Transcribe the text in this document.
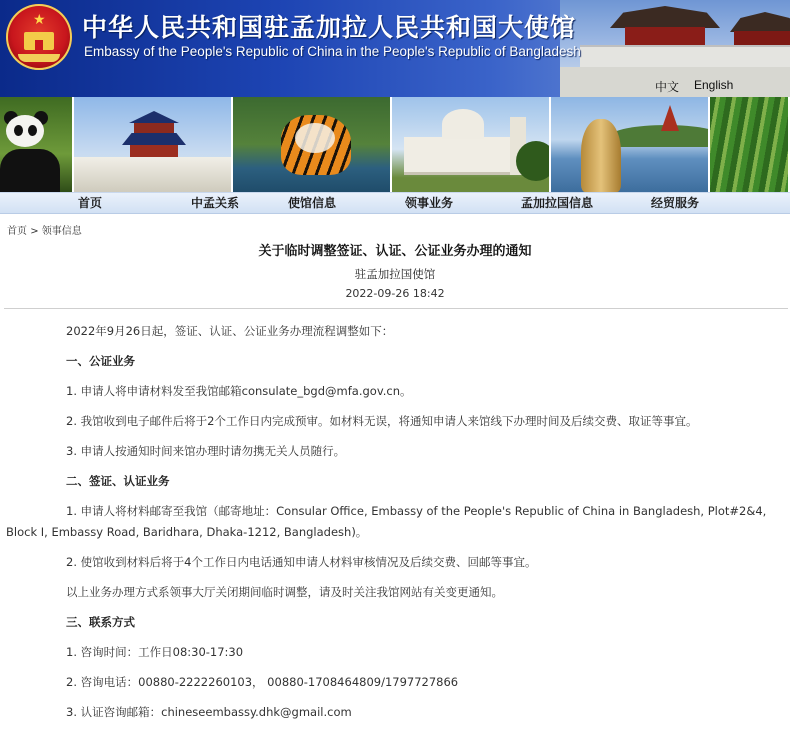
★ 中华人民共和国驻孟加拉人民共和国大使馆
Embassy of the People's Republic of China in the People's Republic of Bangladesh
中文 English
首页	中孟关系	使馆信息	领事业务	孟加拉国信息	经贸服务
首页 > 领事信息
关于临时调整签证、认证、公证业务办理的通知
驻孟加拉国使馆
2022-09-26 18:42

2022年9月26日起，签证、认证、公证业务办理流程调整如下：

一、公证业务

1. 申请人将申请材料发至我馆邮箱consulate_bgd@mfa.gov.cn。

2. 我馆收到电子邮件后将于2个工作日内完成预审。如材料无误，将通知申请人来馆线下办理时间及后续交费、取证等事宜。

3. 申请人按通知时间来馆办理时请勿携无关人员随行。

二、签证、认证业务

1. 申请人将材料邮寄至我馆（邮寄地址：Consular Office, Embassy of the People's Republic of China in Bangladesh, Plot#2&4, Block I, Embassy Road, Baridhara, Dhaka-1212, Bangladesh)。

2. 使馆收到材料后将于4个工作日内电话通知申请人材料审核情况及后续交费、回邮等事宜。

以上业务办理方式系领事大厅关闭期间临时调整，请及时关注我馆网站有关变更通知。

三、联系方式

1. 咨询时间：工作日08:30-17:30

2. 咨询电话：00880-2222260103， 00880-1708464809/1797727866

3. 认证咨询邮箱：chineseembassy.dhk@gmail.com
